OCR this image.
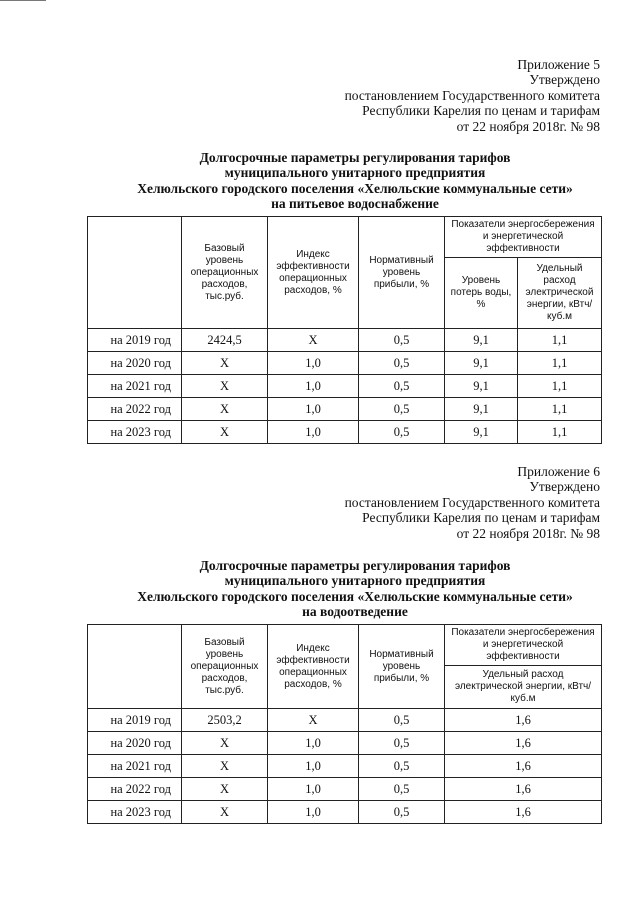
Приложение 5
Утверждено
постановлением Государственного комитета
Республики Карелия по ценам и тарифам
от 22 ноября 2018г. № 98
Долгосрочные параметры регулирования тарифов
муниципального унитарного предприятия
Хелюльского городского поселения «Хелюльские коммунальные сети»
на питьевое водоснабжение
	Базовый уровень операционных расходов, тыс.руб.	Индекс эффективности операционных расходов, %	Нормативный уровень прибыли, %	Показатели энергосбережения и энергетической эффективности	
				Уровень потерь воды, %	Удельный расход электрической энергии, кВтч/куб.м
на 2019 год	2424,5	Х	0,5	9,1	1,1
на 2020 год	Х	1,0	0,5	9,1	1,1
на 2021 год	Х	1,0	0,5	9,1	1,1
на 2022 год	Х	1,0	0,5	9,1	1,1
на 2023 год	Х	1,0	0,5	9,1	1,1
Приложение 6
Утверждено
постановлением Государственного комитета
Республики Карелия по ценам и тарифам
от 22 ноября 2018г. № 98
Долгосрочные параметры регулирования тарифов
муниципального унитарного предприятия
Хелюльского городского поселения «Хелюльские коммунальные сети»
на водоотведение
	Базовый уровень операционных расходов, тыс.руб.	Индекс эффективности операционных расходов, %	Нормативный уровень прибыли, %	Показатели энергосбережения и энергетической эффективности
				Удельный расход электрической энергии, кВтч/куб.м
на 2019 год	2503,2	Х	0,5	1,6
на 2020 год	Х	1,0	0,5	1,6
на 2021 год	Х	1,0	0,5	1,6
на 2022 год	Х	1,0	0,5	1,6
на 2023 год	Х	1,0	0,5	1,6
